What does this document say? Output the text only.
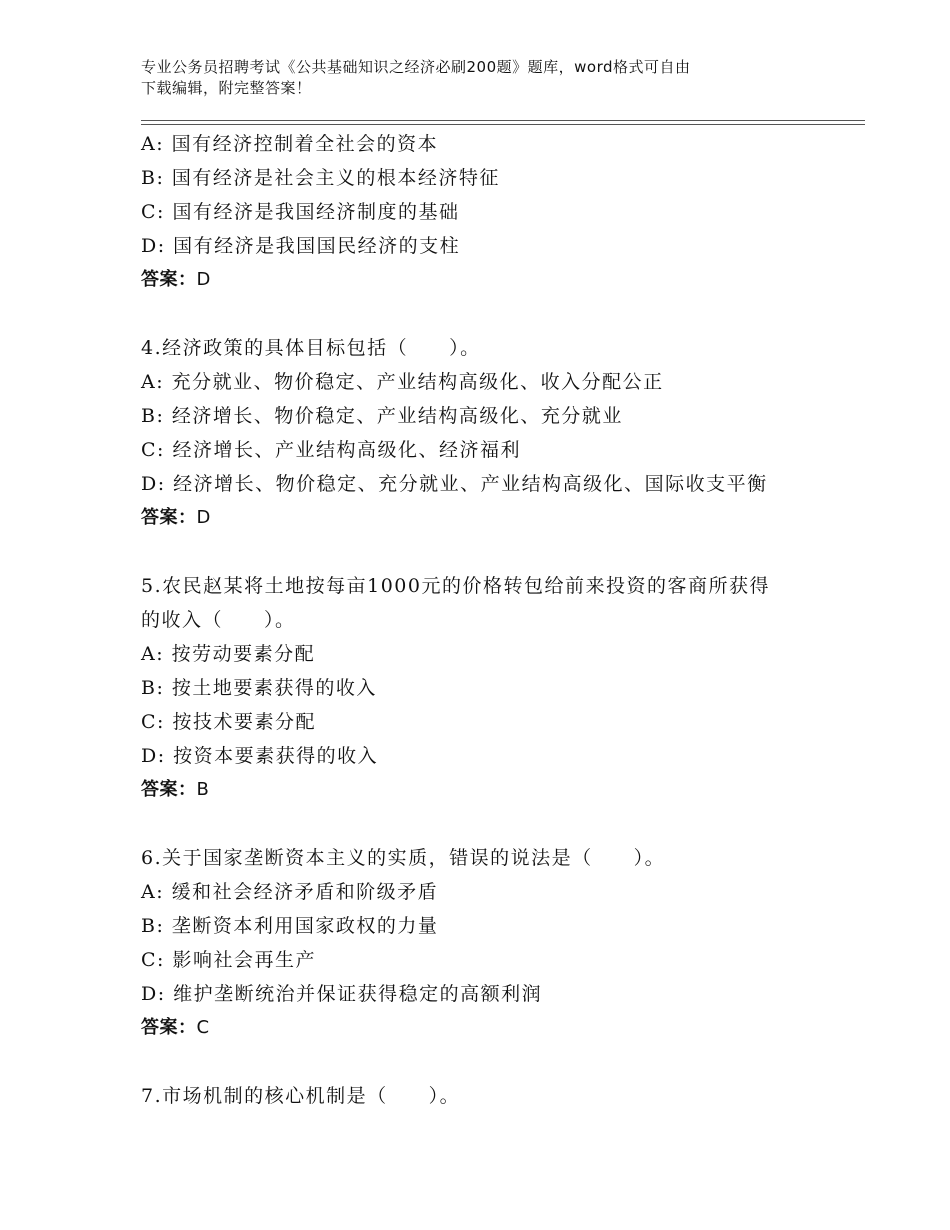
专业公务员招聘考试《公共基础知识之经济必刷200题》题库，word格式可自由
下载编辑，附完整答案！
A: 国有经济控制着全社会的资本
B: 国有经济是社会主义的根本经济特征
C: 国有经济是我国经济制度的基础
D: 国有经济是我国国民经济的支柱
答案：D
4.经济政策的具体目标包括（　　）。
A: 充分就业、物价稳定、产业结构高级化、收入分配公正
B: 经济增长、物价稳定、产业结构高级化、充分就业
C: 经济增长、产业结构高级化、经济福利
D: 经济增长、物价稳定、充分就业、产业结构高级化、国际收支平衡
答案：D
5.农民赵某将土地按每亩1000元的价格转包给前来投资的客商所获得
的收入（　　）。
A: 按劳动要素分配
B: 按土地要素获得的收入
C: 按技术要素分配
D: 按资本要素获得的收入
答案：B
6.关于国家垄断资本主义的实质，错误的说法是（　　）。
A: 缓和社会经济矛盾和阶级矛盾
B: 垄断资本利用国家政权的力量
C: 影响社会再生产
D: 维护垄断统治并保证获得稳定的高额利润
答案：C
7.市场机制的核心机制是（　　）。
